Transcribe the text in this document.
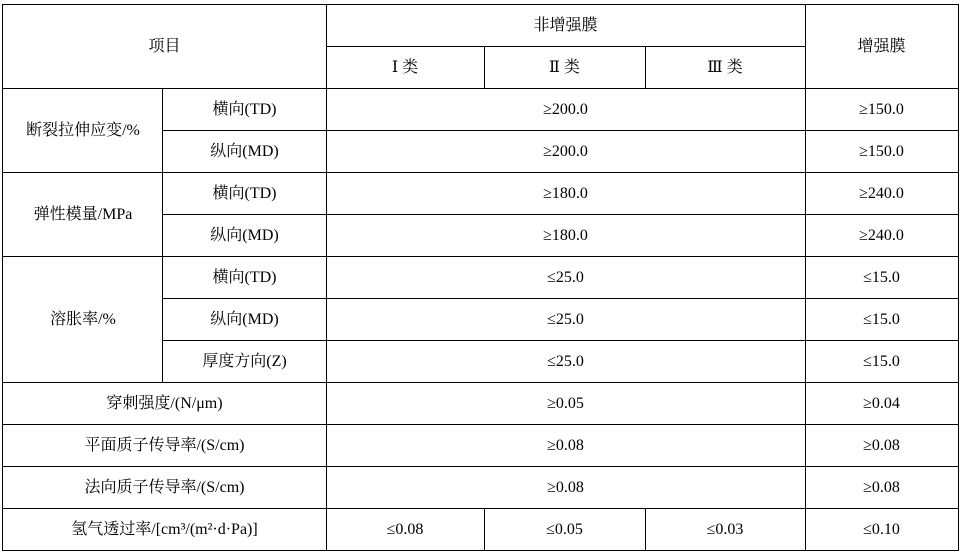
项目		非增强膜			增强膜
		Ⅰ 类	Ⅱ 类	Ⅲ 类	
断裂拉伸应变/%	横向(TD)	≥200.0			≥150.0
	纵向(MD)	≥200.0			≥150.0
弹性模量/MPa	横向(TD)	≥180.0			≥240.0
	纵向(MD)	≥180.0			≥240.0
溶胀率/%	横向(TD)	≤25.0			≤15.0
	纵向(MD)	≤25.0			≤15.0
	厚度方向(Z)	≤25.0			≤15.0
穿刺强度/(N/μm)		≥0.05			≥0.04
平面质子传导率/(S/cm)		≥0.08			≥0.08
法向质子传导率/(S/cm)		≥0.08			≥0.08
氢气透过率/[cm³/(m²·d·Pa)]		≤0.08	≤0.05	≤0.03	≤0.10
